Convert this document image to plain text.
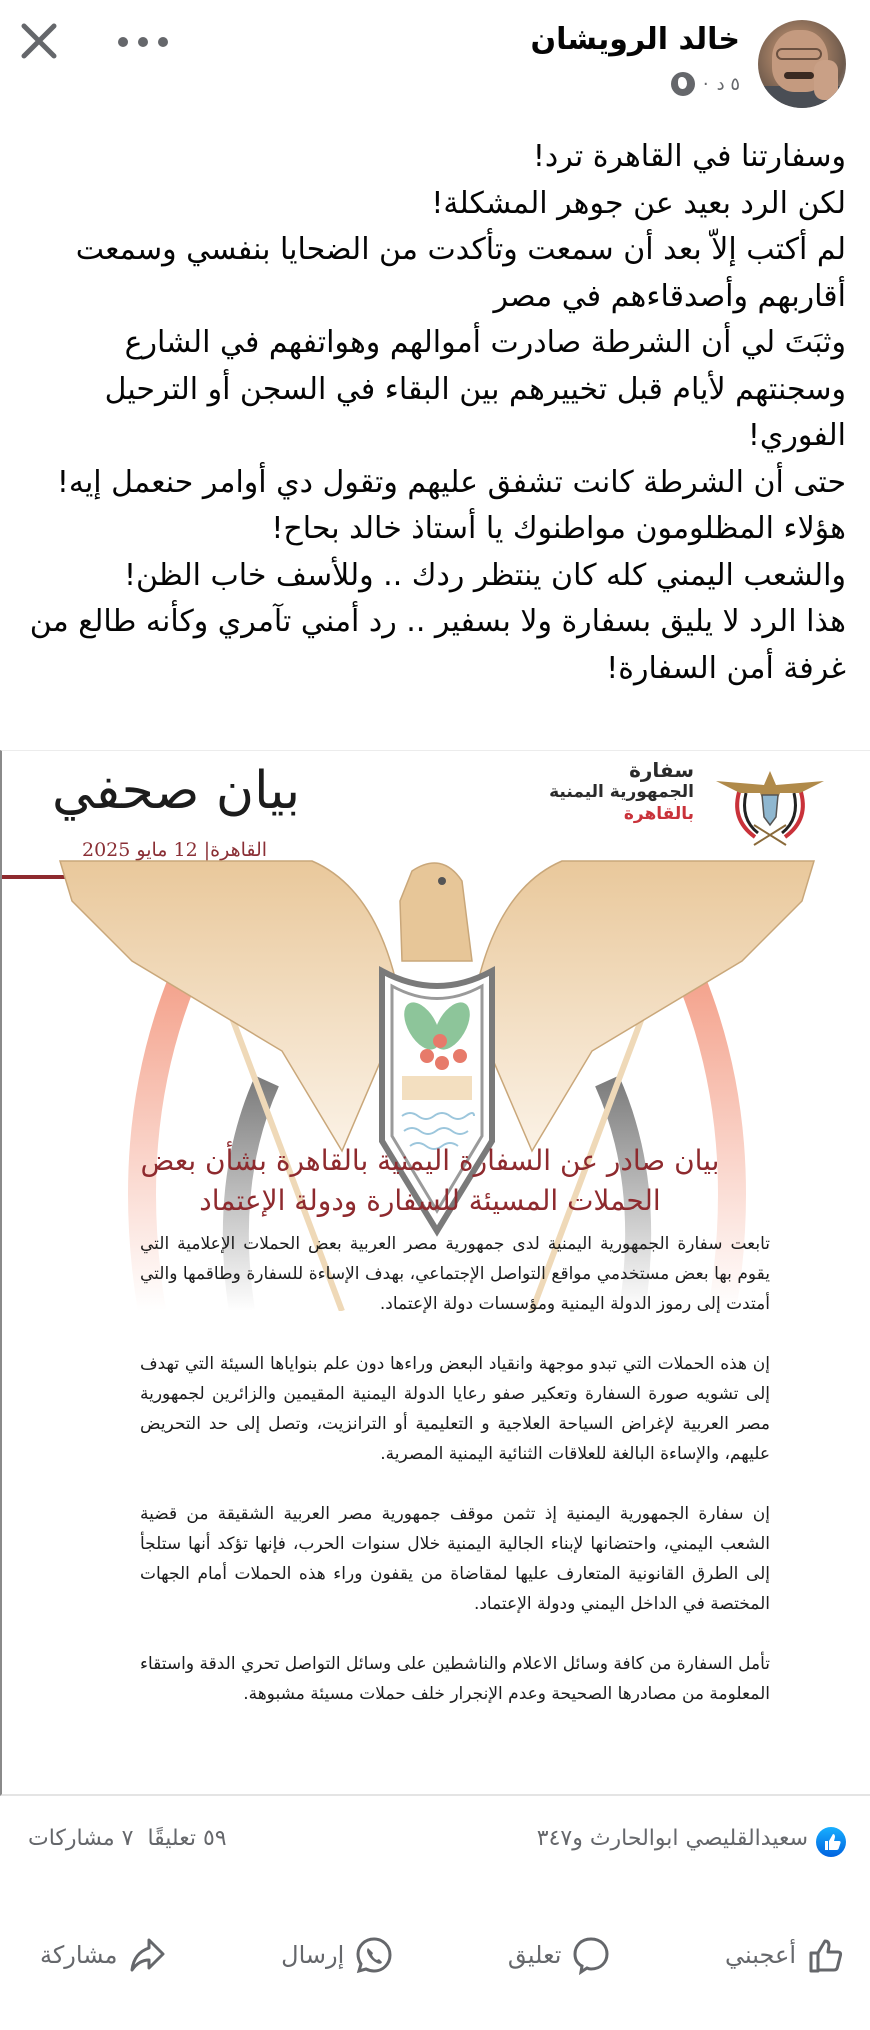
خالد الرويشان
٥ د
·

وسفارتنا في القاهرة ترد!

لكن الرد بعيد عن جوهر المشكلة!

لم أكتب إلاّ بعد أن سمعت وتأكدت من الضحايا بنفسي وسمعت أقاربهم وأصدقاءهم في مصر

وثبَتَ لي أن الشرطة صادرت أموالهم وهواتفهم في الشارع وسجنتهم لأيام قبل تخييرهم بين البقاء في السجن أو الترحيل الفوري!

حتى أن الشرطة كانت تشفق عليهم وتقول دي أوامر حنعمل إيه!

هؤلاء المظلومون مواطنوك يا أستاذ خالد بحاح!

والشعب اليمني كله كان ينتظر ردك .. وللأسف خاب الظن!

هذا الرد لا يليق بسفارة ولا بسفير .. رد أمني تآمري وكأنه طالع من غرفة أمن السفارة!

بيان صحفي
القاهرة| 12 مايو 2025
سفارة
الجمهورية اليمنية
بالقاهرة
بيان صادر عن السفارة اليمنية بالقاهرة بشأن بعض الحملات المسيئة للسفارة ودولة الإعتماد

تابعت سفارة الجمهورية اليمنية لدى جمهورية مصر العربية بعض الحملات الإعلامية التي يقوم بها بعض مستخدمي مواقع التواصل الإجتماعي، بهدف الإساءة للسفارة وطاقمها والتي أمتدت إلى رموز الدولة اليمنية ومؤسسات دولة الإعتماد.

إن هذه الحملات التي تبدو موجهة وانقياد البعض وراءها دون علم بنواياها السيئة التي تهدف إلى تشويه صورة السفارة وتعكير صفو رعايا الدولة اليمنية المقيمين والزائرين لجمهورية مصر العربية لإغراض السياحة العلاجية و التعليمية أو الترانزيت، وتصل إلى حد التحريض عليهم، والإساءة البالغة للعلاقات الثنائية اليمنية المصرية.

إن سفارة الجمهورية اليمنية إذ تثمن موقف جمهورية مصر العربية الشقيقة من قضية الشعب اليمني، واحتضانها لإبناء الجالية اليمنية خلال سنوات الحرب، فإنها تؤكد أنها ستلجأ إلى الطرق القانونية المتعارف عليها لمقاضاة من يقفون وراء هذه الحملات أمام الجهات المختصة في الداخل اليمني ودولة الإعتماد.

تأمل السفارة من كافة وسائل الاعلام والناشطين على وسائل التواصل تحري الدقة واستقاء المعلومة من مصادرها الصحيحة وعدم الإنجرار خلف حملات مسيئة مشبوهة.

سعيدالقليصي ابوالحارث و٣٤٧
٥٩ تعليقًا
٧ مشاركات
أعجبني
تعليق
إرسال
مشاركة
